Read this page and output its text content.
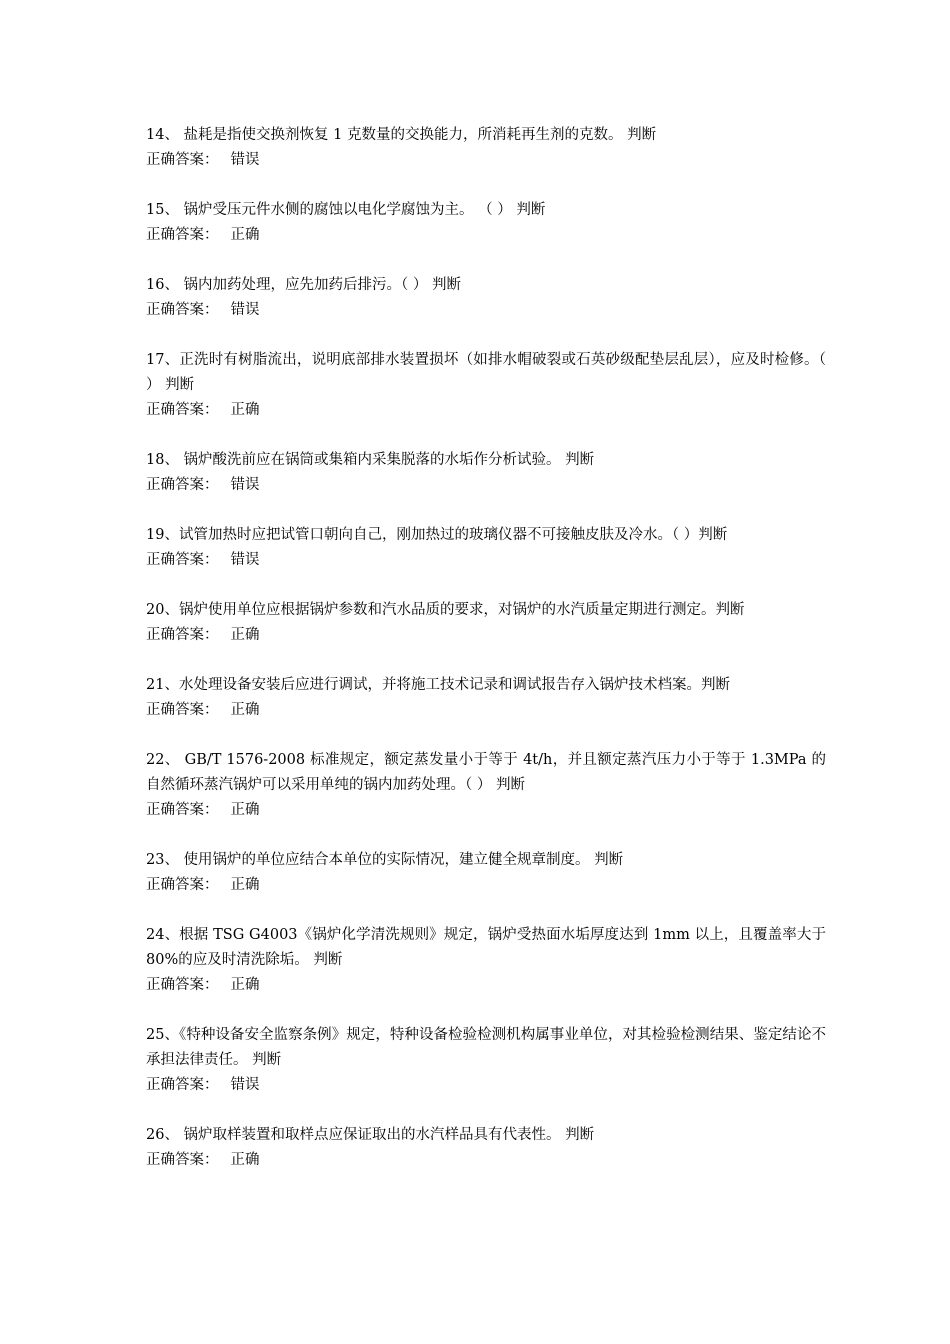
14、 盐耗是指使交换剂恢复 1 克数量的交换能力，所消耗再生剂的克数。 判断
正确答案： 错误
15、 锅炉受压元件水侧的腐蚀以电化学腐蚀为主。 （ ） 判断
正确答案： 正确
16、 锅内加药处理，应先加药后排污。（ ） 判断
正确答案： 错误
17、正洗时有树脂流出，说明底部排水装置损坏（如排水帽破裂或石英砂级配垫层乱层），应及时检修。（      ） 判断
正确答案： 正确
18、 锅炉酸洗前应在锅筒或集箱内采集脱落的水垢作分析试验。 判断
正确答案： 错误
19、试管加热时应把试管口朝向自己，刚加热过的玻璃仪器不可接触皮肤及冷水。（ ）判断
正确答案： 错误
20、锅炉使用单位应根据锅炉参数和汽水品质的要求，对锅炉的水汽质量定期进行测定。判断
正确答案： 正确
21、水处理设备安装后应进行调试，并将施工技术记录和调试报告存入锅炉技术档案。判断
正确答案： 正确
22、 GB/T 1576-2008 标准规定，额定蒸发量小于等于 4t/h，并且额定蒸汽压力小于等于 1.3MPa 的自然循环蒸汽锅炉可以采用单纯的锅内加药处理。（ ） 判断
正确答案： 正确
23、 使用锅炉的单位应结合本单位的实际情况，建立健全规章制度。 判断
正确答案： 正确
24、根据 TSG G4003《锅炉化学清洗规则》规定，锅炉受热面水垢厚度达到 1mm 以上，且覆盖率大于 80%的应及时清洗除垢。 判断
正确答案： 正确
25、《特种设备安全监察条例》规定，特种设备检验检测机构属事业单位，对其检验检测结果、鉴定结论不承担法律责任。 判断
正确答案： 错误
26、 锅炉取样装置和取样点应保证取出的水汽样品具有代表性。 判断
正确答案： 正确
